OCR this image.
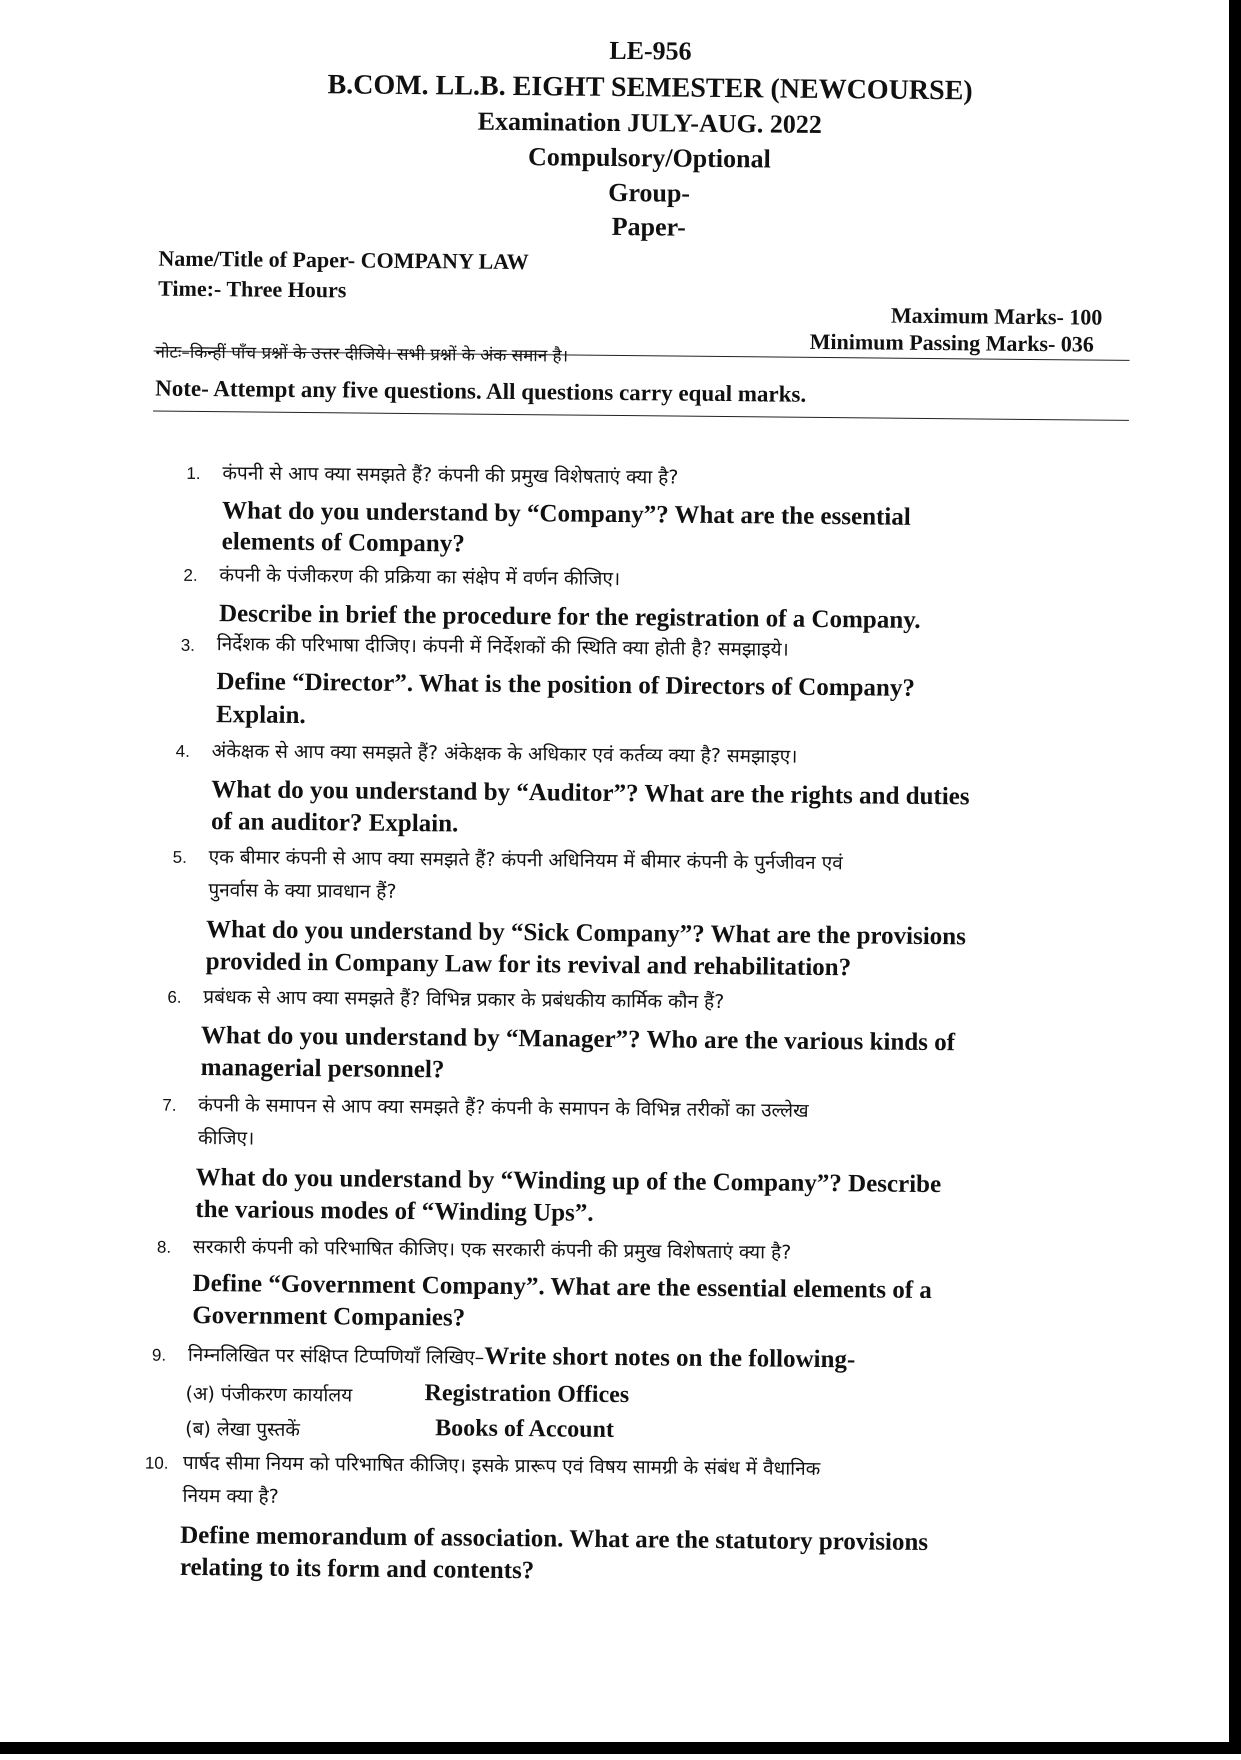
LE-956
B.COM. LL.B. EIGHT SEMESTER (NEWCOURSE)
Examination JULY-AUG. 2022
Compulsory/Optional
Group-
Paper-
Name/Title of Paper- COMPANY LAW
Time:- Three Hours
Maximum Marks- 100
Minimum Passing Marks- 036
नोटः–किन्हीं पाँच प्रश्नों के उत्तर दीजिये। सभी प्रश्नों के अंक समान है।
Note- Attempt any five questions. All questions carry equal marks.
1. कंपनी से आप क्या समझते हैं? कंपनी की प्रमुख विशेषताएं क्या है?
What do you understand by “Company”? What are the essential
elements of Company?
2. कंपनी के पंजीकरण की प्रक्रिया का संक्षेप में वर्णन कीजिए।
Describe in brief the procedure for the registration of a Company.
3. निर्देशक की परिभाषा दीजिए। कंपनी में निर्देशकों की स्थिति क्या होती है? समझाइये।
Define “Director”. What is the position of Directors of Company?
Explain.
4. अंकेक्षक से आप क्या समझते हैं? अंकेक्षक के अधिकार एवं कर्तव्य क्या है? समझाइए।
What do you understand by “Auditor”? What are the rights and duties
of an auditor? Explain.
5. एक बीमार कंपनी से आप क्या समझते हैं? कंपनी अधिनियम में बीमार कंपनी के पुर्नजीवन एवं
पुनर्वास के क्या प्रावधान हैं?
What do you understand by “Sick Company”? What are the provisions
provided in Company Law for its revival and rehabilitation?
6. प्रबंधक से आप क्या समझते हैं? विभिन्न प्रकार के प्रबंधकीय कार्मिक कौन हैं?
What do you understand by “Manager”? Who are the various kinds of
managerial personnel?
7. कंपनी के समापन से आप क्या समझते हैं? कंपनी के समापन के विभिन्न तरीकों का उल्लेख
कीजिए।
What do you understand by “Winding up of the Company”? Describe
the various modes of “Winding Ups”.
8. सरकारी कंपनी को परिभाषित कीजिए। एक सरकारी कंपनी की प्रमुख विशेषताएं क्या है?
Define “Government Company”. What are the essential elements of a
Government Companies?
9. निम्नलिखित पर संक्षिप्त टिप्पणियाँ लिखिए–Write short notes on the following-
(अ) पंजीकरण कार्यालय	Registration Offices
(ब) लेखा पुस्तकें	Books of Account
10. पार्षद सीमा नियम को परिभाषित कीजिए। इसके प्रारूप एवं विषय सामग्री के संबंध में वैधानिक
नियम क्या है?
Define memorandum of association. What are the statutory provisions
relating to its form and contents?
